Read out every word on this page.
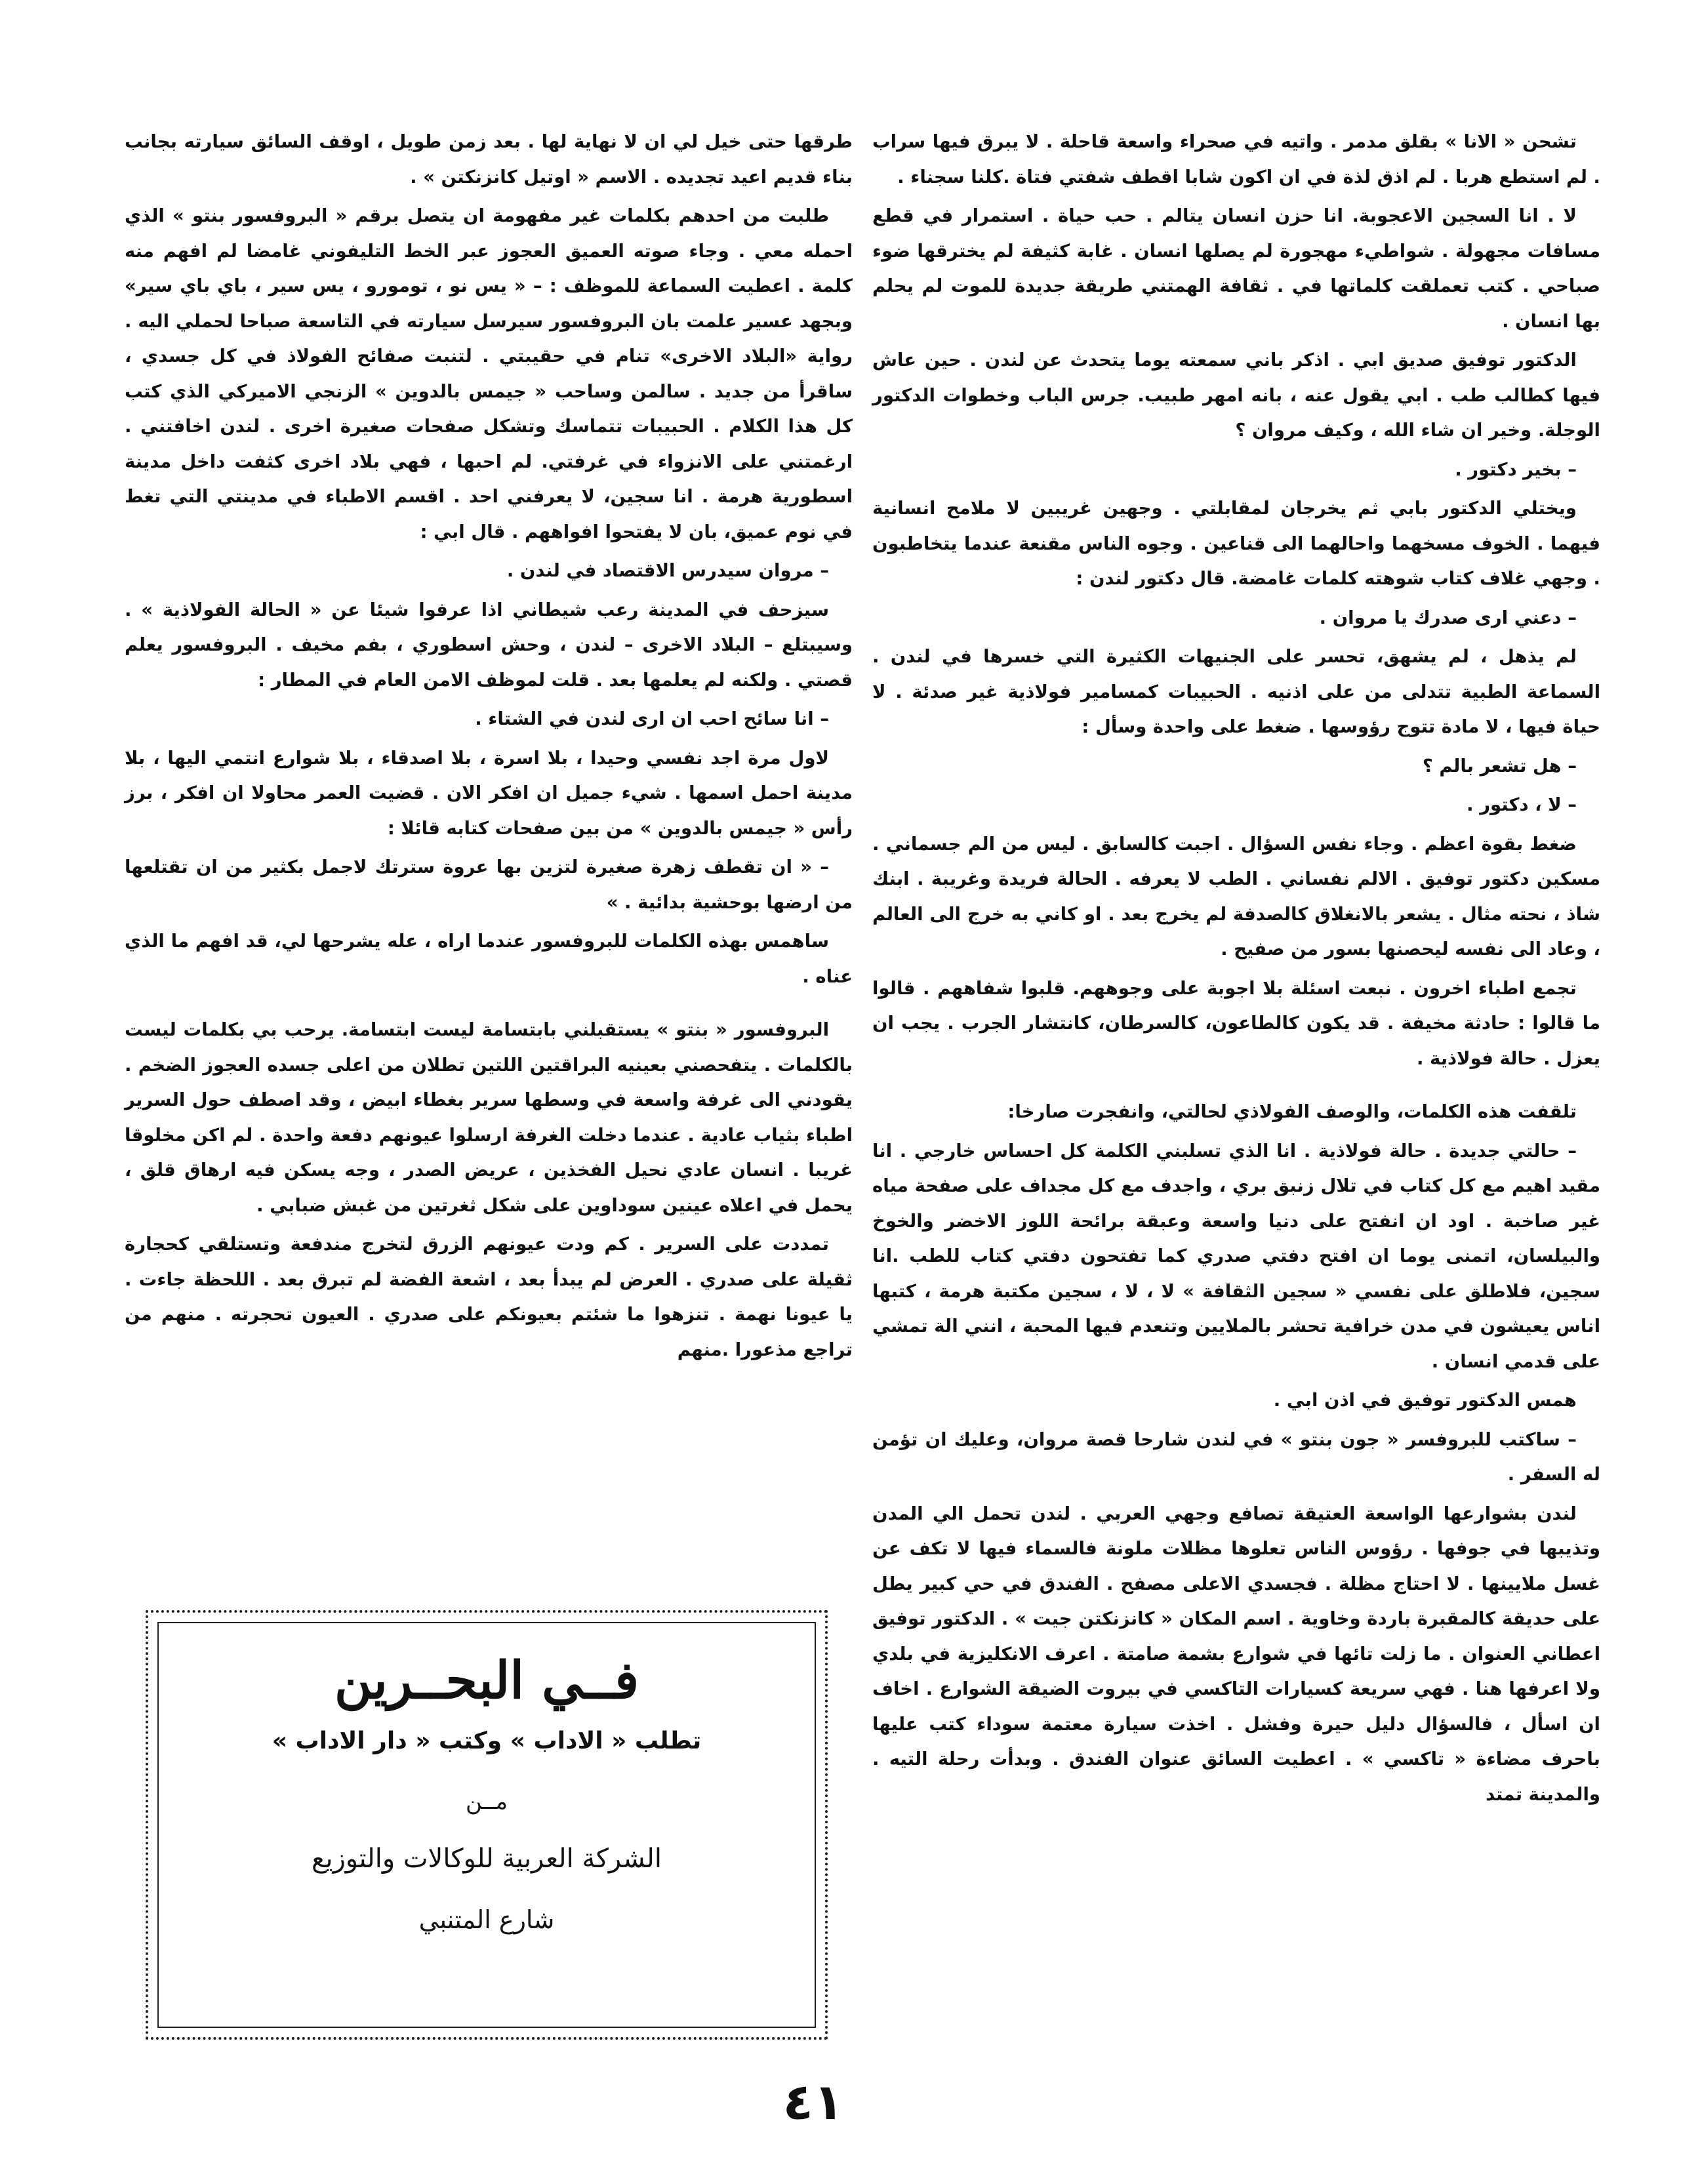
تشحن « الانا » بقلق مدمر . واتيه في صحراء واسعة قاحلة . لا يبرق فيها سراب . لم استطع هربا . لم اذق لذة في ان اكون شابا اقطف شفتي فتاة .كلنا سجناء .

لا . انا السجين الاعجوبة. انا حزن انسان يتالم . حب حياة . استمرار في قطع مسافات مجهولة . شواطيء مهجورة لم يصلها انسان . غابة كثيفة لم يخترقها ضوء صباحي . كتب تعملقت كلماتها في . ثقافة الهمتني طريقة جديدة للموت لم يحلم بها انسان .

الدكتور توفيق صديق ابي . اذكر باني سمعته يوما يتحدث عن لندن . حين عاش فيها كطالب طب . ابي يقول عنه ، بانه امهر طبيب. جرس الباب وخطوات الدكتور الوجلة. وخير ان شاء الله ، وكيف مروان ؟

– بخير دكتور .

ويختلي الدكتور بابي ثم يخرجان لمقابلتي . وجهين غريبين لا ملامح انسانية فيهما . الخوف مسخهما واحالهما الى قناعين . وجوه الناس مقنعة عندما يتخاطبون . وجهي غلاف كتاب شوهته كلمات غامضة. قال دكتور لندن :

– دعني ارى صدرك يا مروان .

لم يذهل ، لم يشهق، تحسر على الجنيهات الكثيرة التي خسرها في لندن . السماعة الطبية تتدلى من على اذنيه . الحبيبات كمسامير فولاذية غير صدئة . لا حياة فيها ، لا مادة تتوج رؤوسها . ضغط على واحدة وسأل :

– هل تشعر بالم ؟

– لا ، دكتور .

ضغط بقوة اعظم . وجاء نفس السؤال . اجبت كالسابق . ليس من الم جسماني . مسكين دكتور توفيق . الالم نفساني . الطب لا يعرفه . الحالة فريدة وغريبة . ابنك شاذ ، نحته مثال . يشعر بالانغلاق كالصدفة لم يخرج بعد . او كاني به خرج الى العالم ، وعاد الى نفسه ليحصنها بسور من صفيح .

تجمع اطباء اخرون . نبعت اسئلة بلا اجوبة على وجوههم. قلبوا شفاههم . قالوا ما قالوا : حادثة مخيفة . قد يكون كالطاعون، كالسرطان، كانتشار الجرب . يجب ان يعزل . حالة فولاذية .

تلقفت هذه الكلمات، والوصف الفولاذي لحالتي، وانفجرت صارخا:

– حالتي جديدة . حالة فولاذية . انا الذي تسلبني الكلمة كل احساس خارجي . انا مقيد اهيم مع كل كتاب في تلال زنبق بري ، واجدف مع كل مجداف على صفحة مياه غير صاخبة . اود ان انفتح على دنيا واسعة وعبقة برائحة اللوز الاخضر والخوخ والبيلسان، اتمنى يوما ان افتح دفتي صدري كما تفتحون دفتي كتاب للطب .انا سجين، فلاطلق على نفسي « سجين الثقافة » لا ، لا ، سجين مكتبة هرمة ، كتبها اناس يعيشون في مدن خرافية تحشر بالملايين وتنعدم فيها المحبة ، انني الة تمشي على قدمي انسان .

همس الدكتور توفيق في اذن ابي .

– ساكتب للبروفسر « جون بنتو » في لندن شارحا قصة مروان، وعليك ان تؤمن له السفر .

لندن بشوارعها الواسعة العتيقة تصافع وجهي العربي . لندن تحمل الي المدن وتذيبها في جوفها . رؤوس الناس تعلوها مظلات ملونة فالسماء فيها لا تكف عن غسل ملايينها . لا احتاج مظلة . فجسدي الاعلى مصفح . الفندق في حي كبير يطل على حديقة كالمقبرة باردة وخاوية . اسم المكان « كانزنكتن جيت » . الدكتور توفيق اعطاني العنوان . ما زلت تائها في شوارع بشمة صامتة . اعرف الانكليزية في بلدي ولا اعرفها هنا . فهي سريعة كسيارات التاكسي في بيروت الضيقة الشوارع . اخاف ان اسأل ، فالسؤال دليل حيرة وفشل . اخذت سيارة معتمة سوداء كتب عليها باحرف مضاءة « تاكسي » . اعطيت السائق عنوان الفندق . وبدأت رحلة التيه . والمدينة تمتد

طرقها حتى خيل لي ان لا نهاية لها . بعد زمن طويل ، اوقف السائق سيارته بجانب بناء قديم اعيد تجديده . الاسم « اوتيل كانزنكتن » .

طلبت من احدهم بكلمات غير مفهومة ان يتصل برقم « البروفسور بنتو » الذي احمله معي . وجاء صوته العميق العجوز عبر الخط التليفوني غامضا لم افهم منه كلمة . اعطيت السماعة للموظف : – « يس نو ، تومورو ، يس سير ، باي باي سير» وبجهد عسير علمت بان البروفسور سيرسل سيارته في التاسعة صباحا لحملي اليه . رواية «البلاد الاخرى» تنام في حقيبتي . لتنبت صفائح الفولاذ في كل جسدي ، ساقرأ من جديد . سالمن وساحب « جيمس بالدوين » الزنجي الاميركي الذي كتب كل هذا الكلام . الحبيبات تتماسك وتشكل صفحات صغيرة اخرى . لندن اخافتني . ارغمتني على الانزواء في غرفتي. لم احبها ، فهي بلاد اخرى كثفت داخل مدينة اسطورية هرمة . انا سجين، لا يعرفني احد . اقسم الاطباء في مدينتي التي تغط في نوم عميق، بان لا يفتحوا افواههم . قال ابي :

– مروان سيدرس الاقتصاد في لندن .

سيزحف في المدينة رعب شيطاني اذا عرفوا شيئا عن « الحالة الفولاذية » . وسيبتلع – البلاد الاخرى – لندن ، وحش اسطوري ، بفم مخيف . البروفسور يعلم قصتي . ولكنه لم يعلمها بعد . قلت لموظف الامن العام في المطار :

– انا سائح احب ان ارى لندن في الشتاء .

لاول مرة اجد نفسي وحيدا ، بلا اسرة ، بلا اصدقاء ، بلا شوارع انتمي اليها ، بلا مدينة احمل اسمها . شيء جميل ان افكر الان . قضيت العمر محاولا ان افكر ، برز رأس « جيمس بالدوين » من بين صفحات كتابه قائلا :

– « ان تقطف زهرة صغيرة لتزين بها عروة سترتك لاجمل بكثير من ان تقتلعها من ارضها بوحشية بدائية . »

ساهمس بهذه الكلمات للبروفسور عندما اراه ، عله يشرحها لي، قد افهم ما الذي عناه .

البروفسور « بنتو » يستقبلني بابتسامة ليست ابتسامة. يرحب بي بكلمات ليست بالكلمات . يتفحصني بعينيه البراقتين اللتين تطلان من اعلى جسده العجوز الضخم . يقودني الى غرفة واسعة في وسطها سرير بغطاء ابيض ، وقد اصطف حول السرير اطباء بثياب عادية . عندما دخلت الغرفة ارسلوا عيونهم دفعة واحدة . لم اكن مخلوقا غريبا . انسان عادي نحيل الفخذين ، عريض الصدر ، وجه يسكن فيه ارهاق قلق ، يحمل في اعلاه عينين سوداوين على شكل ثغرتين من غبش ضبابي .

تمددت على السرير . كم ودت عيونهم الزرق لتخرج مندفعة وتستلقي كحجارة ثقيلة على صدري . العرض لم يبدأ بعد ، اشعة الفضة لم تبرق بعد . اللحظة جاءت . يا عيونا نهمة . تنزهوا ما شئتم بعيونكم على صدري . العيون تحجرته . منهم من تراجع مذعورا .منهم

فــي البحــرين
تطلب « الاداب » وكتب « دار الاداب »
مــن
الشركة العربية للوكالات والتوزيع
شارع المتنبي
٤١
